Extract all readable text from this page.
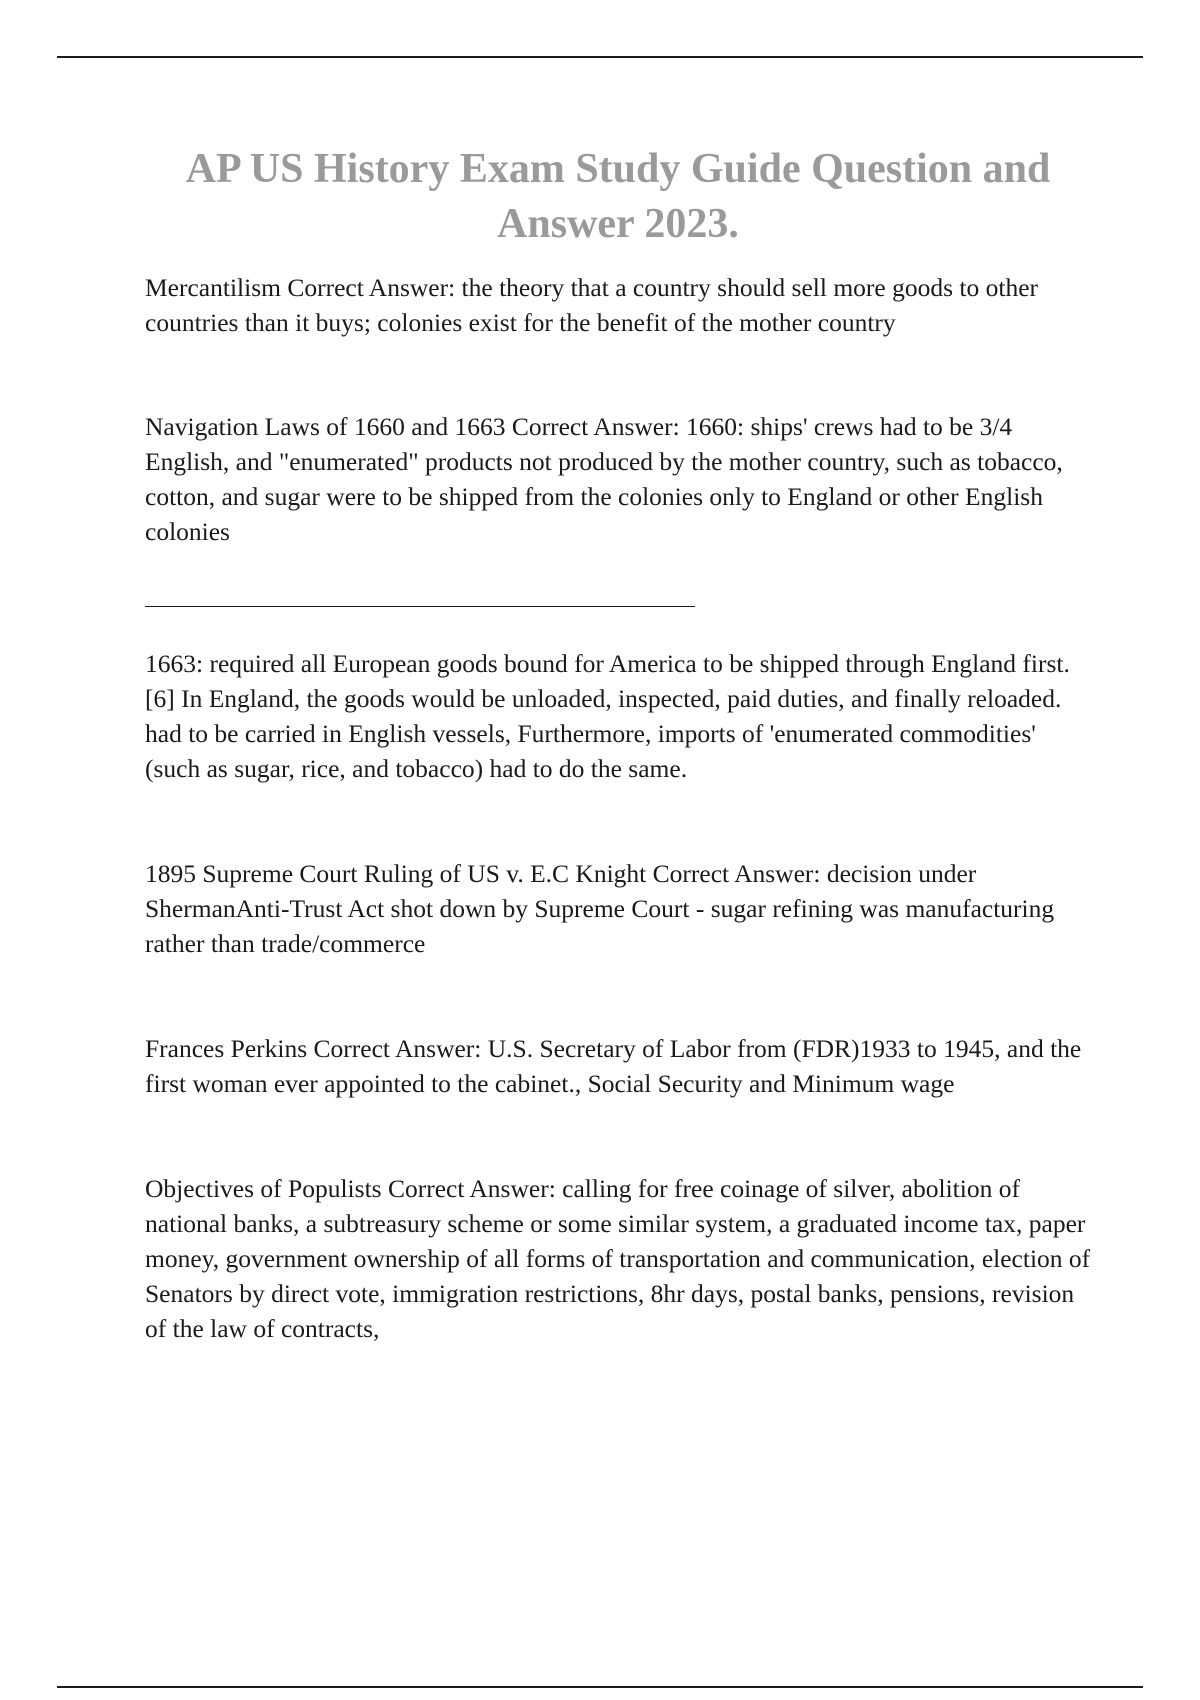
AP US History Exam Study Guide Question and Answer 2023.

Mercantilism Correct Answer: the theory that a country should sell more goods to other countries than it buys; colonies exist for the benefit of the mother country

Navigation Laws of 1660 and 1663 Correct Answer: 1660: ships' crews had to be 3/4 English, and "enumerated" products not produced by the mother country, such as tobacco, cotton, and sugar were to be shipped from the colonies only to England or other English colonies

1663: required all European goods bound for America to be shipped through England first.[6] In England, the goods would be unloaded, inspected, paid duties, and finally reloaded. had to be carried in English vessels, Furthermore, imports of 'enumerated commodities' (such as sugar, rice, and tobacco) had to do the same.

1895 Supreme Court Ruling of US v. E.C Knight Correct Answer: decision under ShermanAnti-Trust Act shot down by Supreme Court - sugar refining was manufacturing rather than trade/commerce

Frances Perkins Correct Answer: U.S. Secretary of Labor from (FDR)1933 to 1945, and the first woman ever appointed to the cabinet., Social Security and Minimum wage

Objectives of Populists Correct Answer: calling for free coinage of silver, abolition of national banks, a subtreasury scheme or some similar system, a graduated income tax, paper money, government ownership of all forms of transportation and communication, election of Senators by direct vote, immigration restrictions, 8hr days, postal banks, pensions, revision of the law of contracts,
